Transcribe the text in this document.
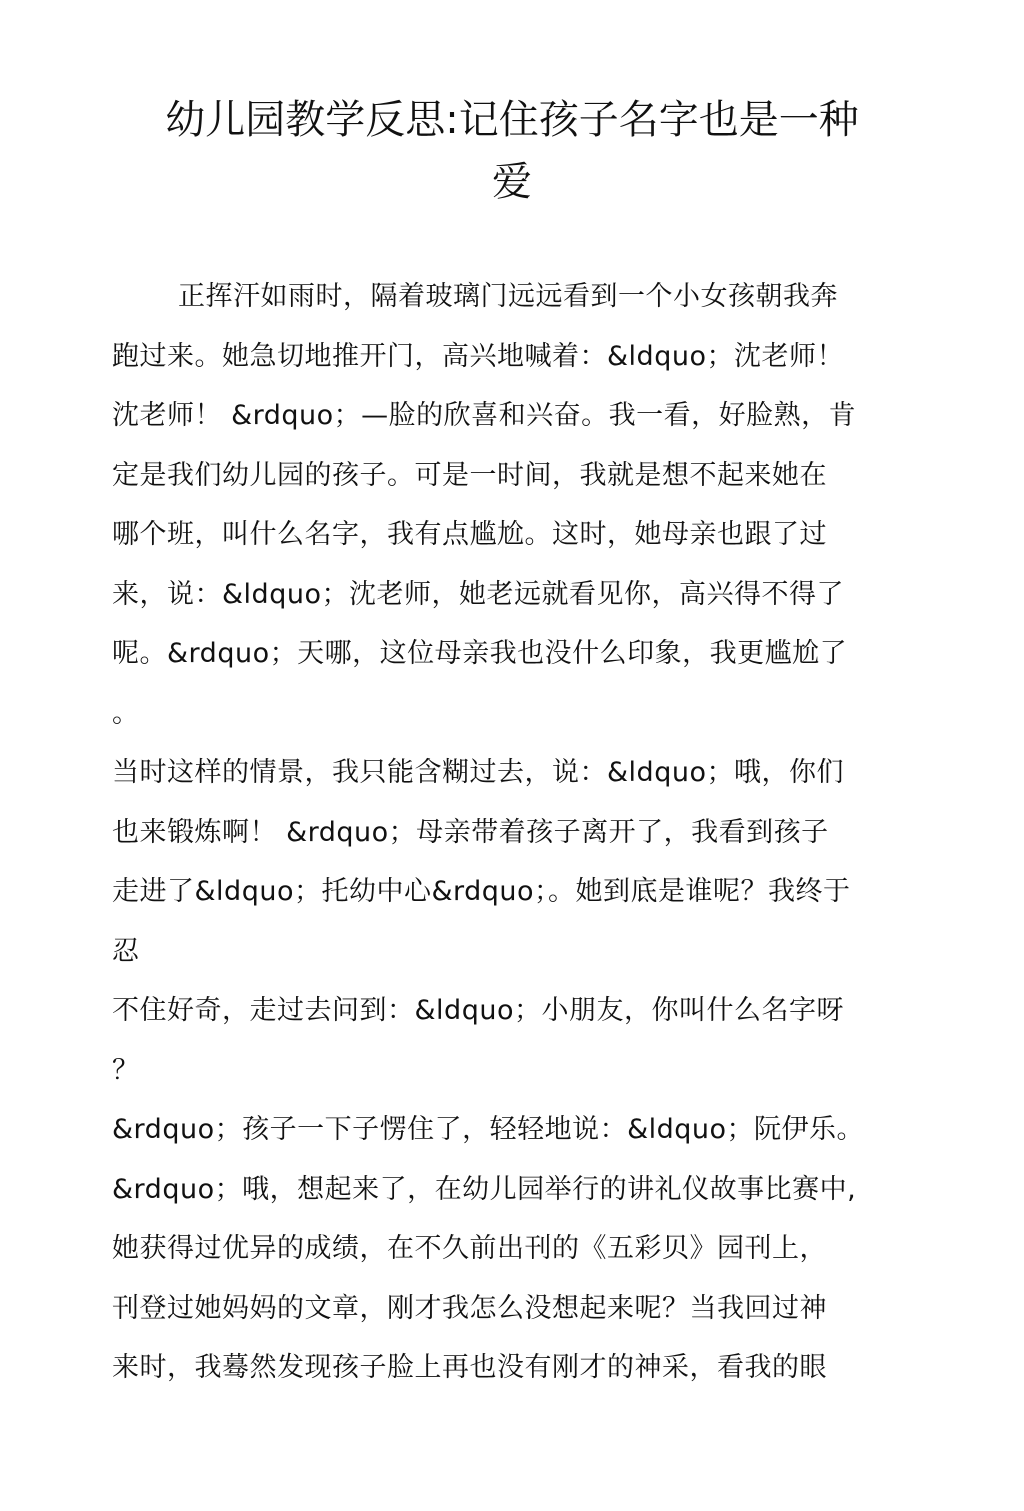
幼儿园教学反思:记住孩子名字也是一种
爱
正挥汗如雨时，隔着玻璃门远远看到一个小女孩朝我奔
跑过来。她急切地推开门，高兴地喊着：&ldquo；沈老师！
沈老师！ &rdquo；—脸的欣喜和兴奋。我一看，好脸熟，肯
定是我们幼儿园的孩子。可是一时间，我就是想不起来她在
哪个班，叫什么名字，我有点尴尬。这时，她母亲也跟了过
来，说：&ldquo；沈老师，她老远就看见你，高兴得不得了
呢。&rdquo；天哪，这位母亲我也没什么印象，我更尴尬了
。
当时这样的情景，我只能含糊过去，说：&ldquo；哦，你们
也来锻炼啊！ &rdquo；母亲带着孩子离开了，我看到孩子
走进了&ldquo；托幼中心&rdquo；。她到底是谁呢？我终于
忍
不住好奇，走过去问到：&ldquo；小朋友，你叫什么名字呀
？
&rdquo；孩子一下子愣住了，轻轻地说：&ldquo；阮伊乐。
&rdquo；哦，想起来了，在幼儿园举行的讲礼仪故事比赛中,
她获得过优异的成绩，在不久前出刊的《五彩贝》园刊上，
刊登过她妈妈的文章，刚才我怎么没想起来呢？当我回过神
来时，我蓦然发现孩子脸上再也没有刚才的神采，看我的眼
